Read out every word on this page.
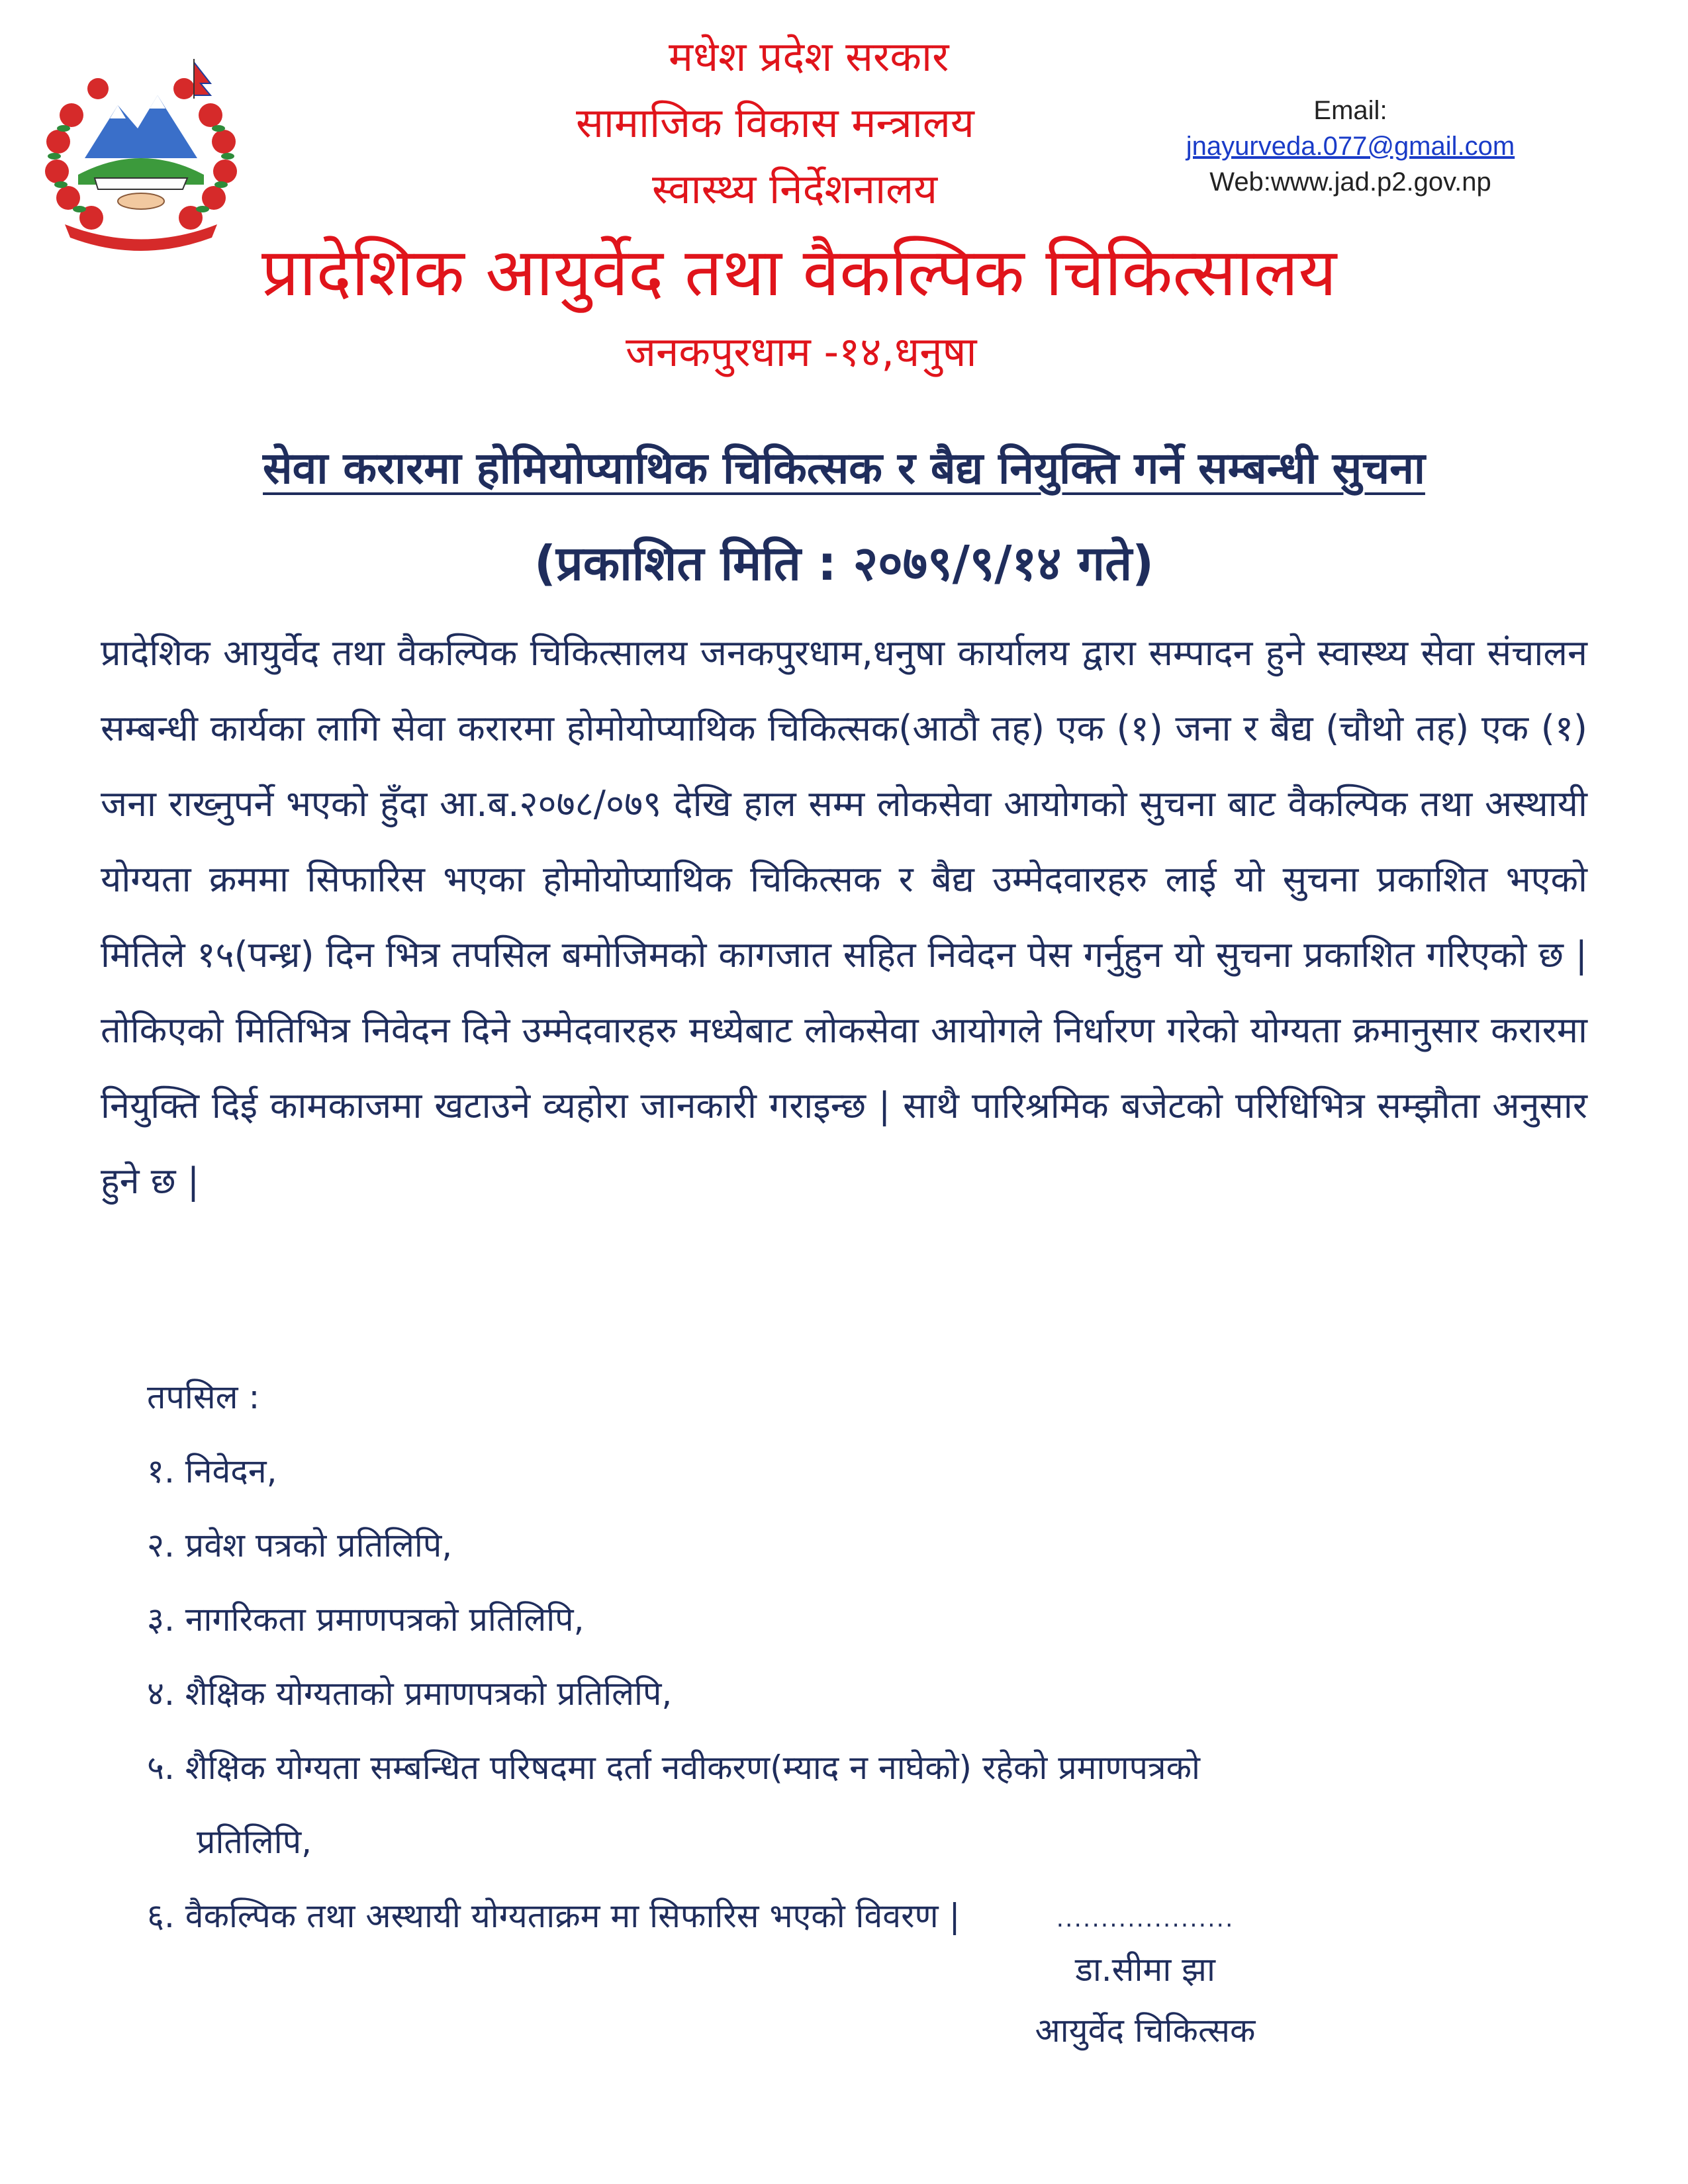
मधेश प्रदेश सरकार
सामाजिक विकास मन्त्रालय
स्वास्थ्य निर्देशनालय
प्रादेशिक आयुर्वेद तथा वैकल्पिक चिकित्सालय
जनकपुरधाम -१४,धनुषा
Email:
jnayurveda.077@gmail.com
Web:www.jad.p2.gov.np
सेवा करारमा होमियोप्याथिक चिकित्सक र बैद्य नियुक्ति गर्ने सम्बन्धी सुचना
(प्रकाशित मिति : २०७९/९/१४ गते)
प्रादेशिक आयुर्वेद तथा वैकल्पिक चिकित्सालय जनकपुरधाम,धनुषा कार्यालय द्वारा सम्पादन हुने स्वास्थ्य सेवा संचालन सम्बन्धी कार्यका लागि सेवा करारमा होमोयोप्याथिक चिकित्सक(आठौ तह) एक (१) जना र बैद्य (चौथो तह) एक (१) जना राख्नुपर्ने भएको हुँदा आ.ब.२०७८/०७९ देखि हाल सम्म लोकसेवा आयोगको सुचना बाट वैकल्पिक तथा अस्थायी योग्यता क्रममा सिफारिस भएका होमोयोप्याथिक चिकित्सक र बैद्य उम्मेदवारहरु लाई यो सुचना प्रकाशित भएको मितिले १५(पन्ध्र) दिन भित्र तपसिल बमोजिमको कागजात सहित निवेदन पेस गर्नुहुन यो सुचना प्रकाशित गरिएको छ | तोकिएको मितिभित्र निवेदन दिने उम्मेदवारहरु मध्येबाट लोकसेवा आयोगले निर्धारण गरेको योग्यता क्रमानुसार करारमा नियुक्ति दिई कामकाजमा खटाउने व्यहोरा जानकारी गराइन्छ | साथै पारिश्रमिक बजेटको परिधिभित्र सम्झौता अनुसार हुने छ |
तपसिल :
१. निवेदन,
२. प्रवेश पत्रको प्रतिलिपि,
३. नागरिकता प्रमाणपत्रको प्रतिलिपि,
४. शैक्षिक योग्यताको प्रमाणपत्रको प्रतिलिपि,
५. शैक्षिक योग्यता सम्बन्धित परिषदमा दर्ता नवीकरण(म्याद न नाघेको) रहेको प्रमाणपत्रको
प्रतिलिपि,
६. वैकल्पिक तथा अस्थायी योग्यताक्रम मा सिफारिस भएको विवरण |	....................
डा.सीमा झा
आयुर्वेद चिकित्सक
